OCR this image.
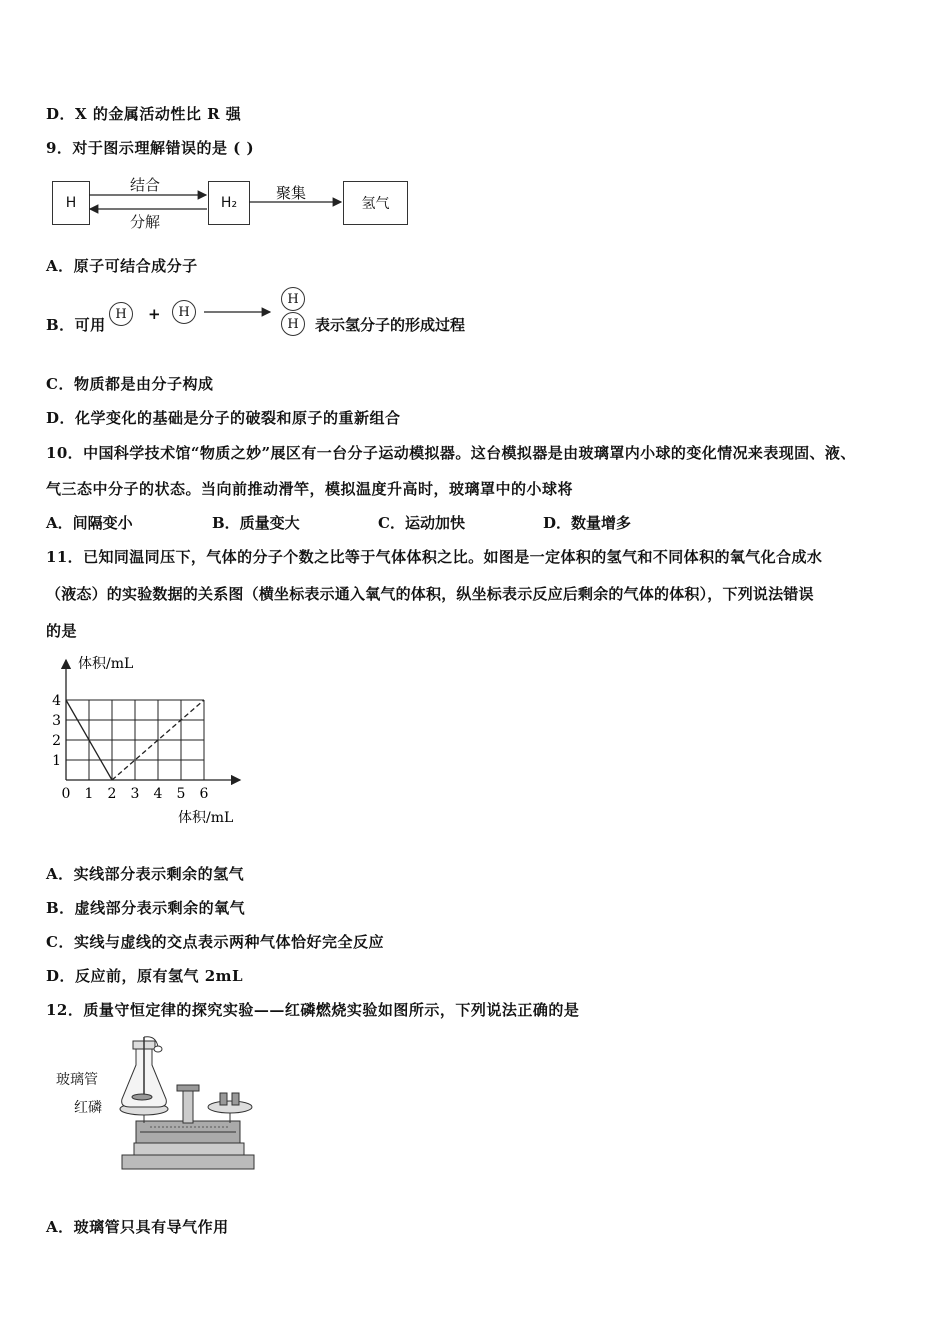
D．X 的金属活动性比 R 强
9．对于图示理解错误的是 ( )
H	H₂	氢气
结合
分解
聚集
A．原子可结合成分子
B．可用
H	+	H
H
H	表示氢分子的形成过程
C．物质都是由分子构成
D．化学变化的基础是分子的破裂和原子的重新组合
10．中国科学技术馆“物质之妙”展区有一台分子运动模拟器。这台模拟器是由玻璃罩内小球的变化情况来表现固、液、
气三态中分子的状态。当向前推动滑竿，模拟温度升高时，玻璃罩中的小球将
A．间隔变小	B．质量变大	C．运动加快	D．数量增多
11．已知同温同压下，气体的分子个数之比等于气体体积之比。如图是一定体积的氢气和不同体积的氧气化合成水
（液态）的实验数据的关系图（横坐标表示通入氧气的体积，纵坐标表示反应后剩余的气体的体积），下列说法错误
的是
0 1 2 3 4 5 6
1
2
3
4
体积/mL
体积/mL
A．实线部分表示剩余的氢气
B．虚线部分表示剩余的氧气
C．实线与虚线的交点表示两种气体恰好完全反应
D．反应前，原有氢气 2mL
12．质量守恒定律的探究实验——红磷燃烧实验如图所示，下列说法正确的是
玻璃管
红磷
A．玻璃管只具有导气作用
